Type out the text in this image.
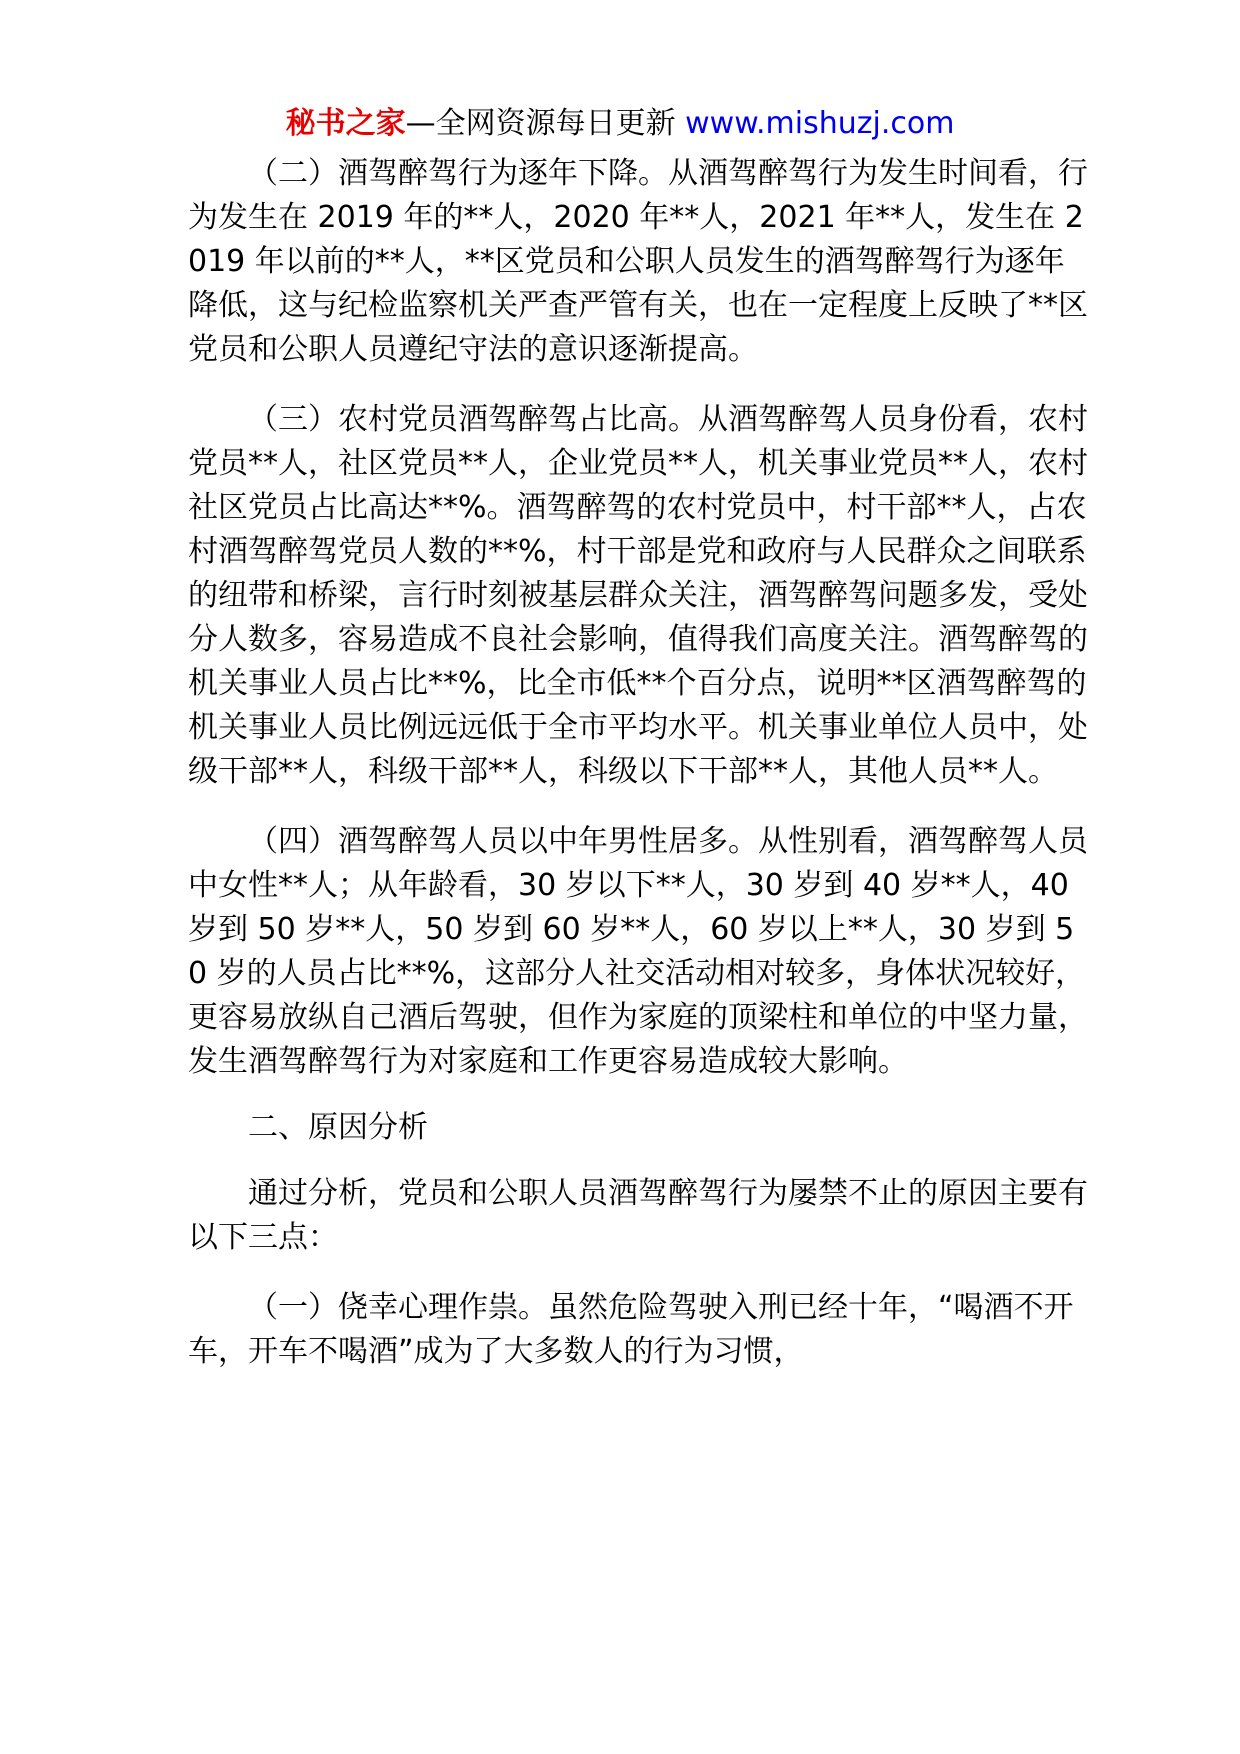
秘书之家—全网资源每日更新 www.mishuzj.com

（二）酒驾醉驾行为逐年下降。从酒驾醉驾行为发生时间看，行为发生在 2019 年的**人，2020 年**人，2021 年**人，发生在 2019 年以前的**人，**区党员和公职人员发生的酒驾醉驾行为逐年降低，这与纪检监察机关严查严管有关，也在一定程度上反映了**区党员和公职人员遵纪守法的意识逐渐提高。

（三）农村党员酒驾醉驾占比高。从酒驾醉驾人员身份看，农村党员**人，社区党员**人，企业党员**人，机关事业党员**人，农村社区党员占比高达**%。酒驾醉驾的农村党员中，村干部**人，占农村酒驾醉驾党员人数的**%，村干部是党和政府与人民群众之间联系的纽带和桥梁，言行时刻被基层群众关注，酒驾醉驾问题多发，受处分人数多，容易造成不良社会影响，值得我们高度关注。酒驾醉驾的机关事业人员占比**%，比全市低**个百分点，说明**区酒驾醉驾的机关事业人员比例远远低于全市平均水平。机关事业单位人员中，处级干部**人，科级干部**人，科级以下干部**人，其他人员**人。

（四）酒驾醉驾人员以中年男性居多。从性别看，酒驾醉驾人员中女性**人；从年龄看，30 岁以下**人，30 岁到 40 岁**人，40 岁到 50 岁**人，50 岁到 60 岁**人，60 岁以上**人，30 岁到 50 岁的人员占比**%，这部分人社交活动相对较多，身体状况较好，更容易放纵自己酒后驾驶，但作为家庭的顶梁柱和单位的中坚力量，发生酒驾醉驾行为对家庭和工作更容易造成较大影响。

二、原因分析

通过分析，党员和公职人员酒驾醉驾行为屡禁不止的原因主要有以下三点：

（一）侥幸心理作祟。虽然危险驾驶入刑已经十年，“喝酒不开车，开车不喝酒”成为了大多数人的行为习惯，
